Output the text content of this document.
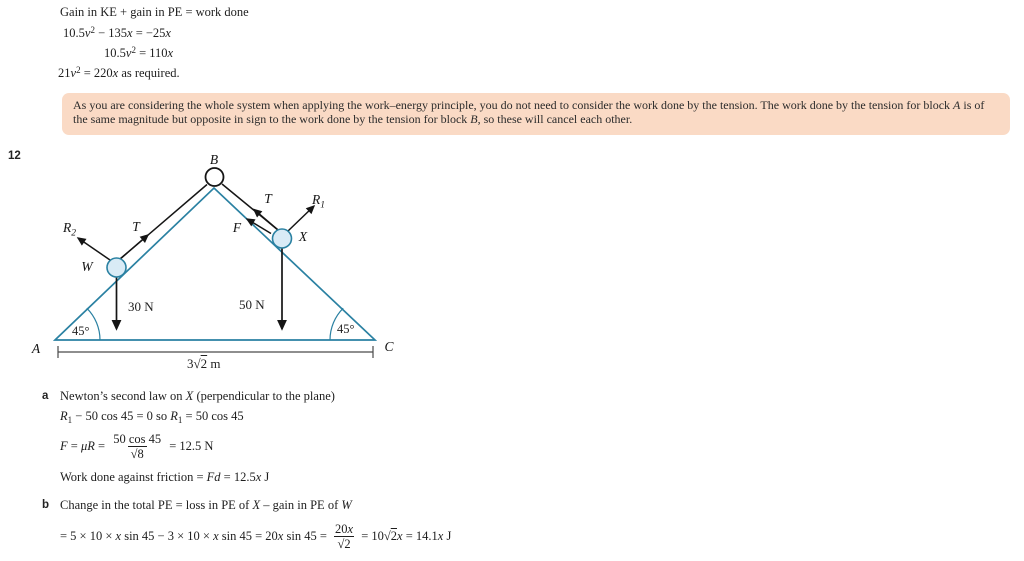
Gain in KE + gain in PE = work done
$10.5v^2 - 135x = -25x$
$10.5v^2 = 110x$
$21v^2 = 220x$ as required.
As you are considering the whole system when applying the work–energy principle, you do not need to consider the work done by the tension. The work done by the tension for block A is of the same magnitude but opposite in sign to the work done by the tension for block B, so these will cancel each other.
12	B
A	C
W
X
T
T
F
$R_2$
$R_1$
30 N	50 N
45°	45°
3√2 m
a Newton’s second law on X (perpendicular to the plane)
$R_1 - 50$ cos 45 = 0 so $R_1 = 50$ cos 45
$F = \mu R = \frac{50 \cos 45}{√8} = 12.5$ N
Work done against friction = Fd = 12.5x J
b Change in the total PE = loss in PE of X – gain in PE of W
= 5 × 10 × x sin 45 − 3 × 10 × x sin 45 = 20 x $\sin 45 = \frac{20x}{√2} = 10$ √2 x = 14.1 x J
